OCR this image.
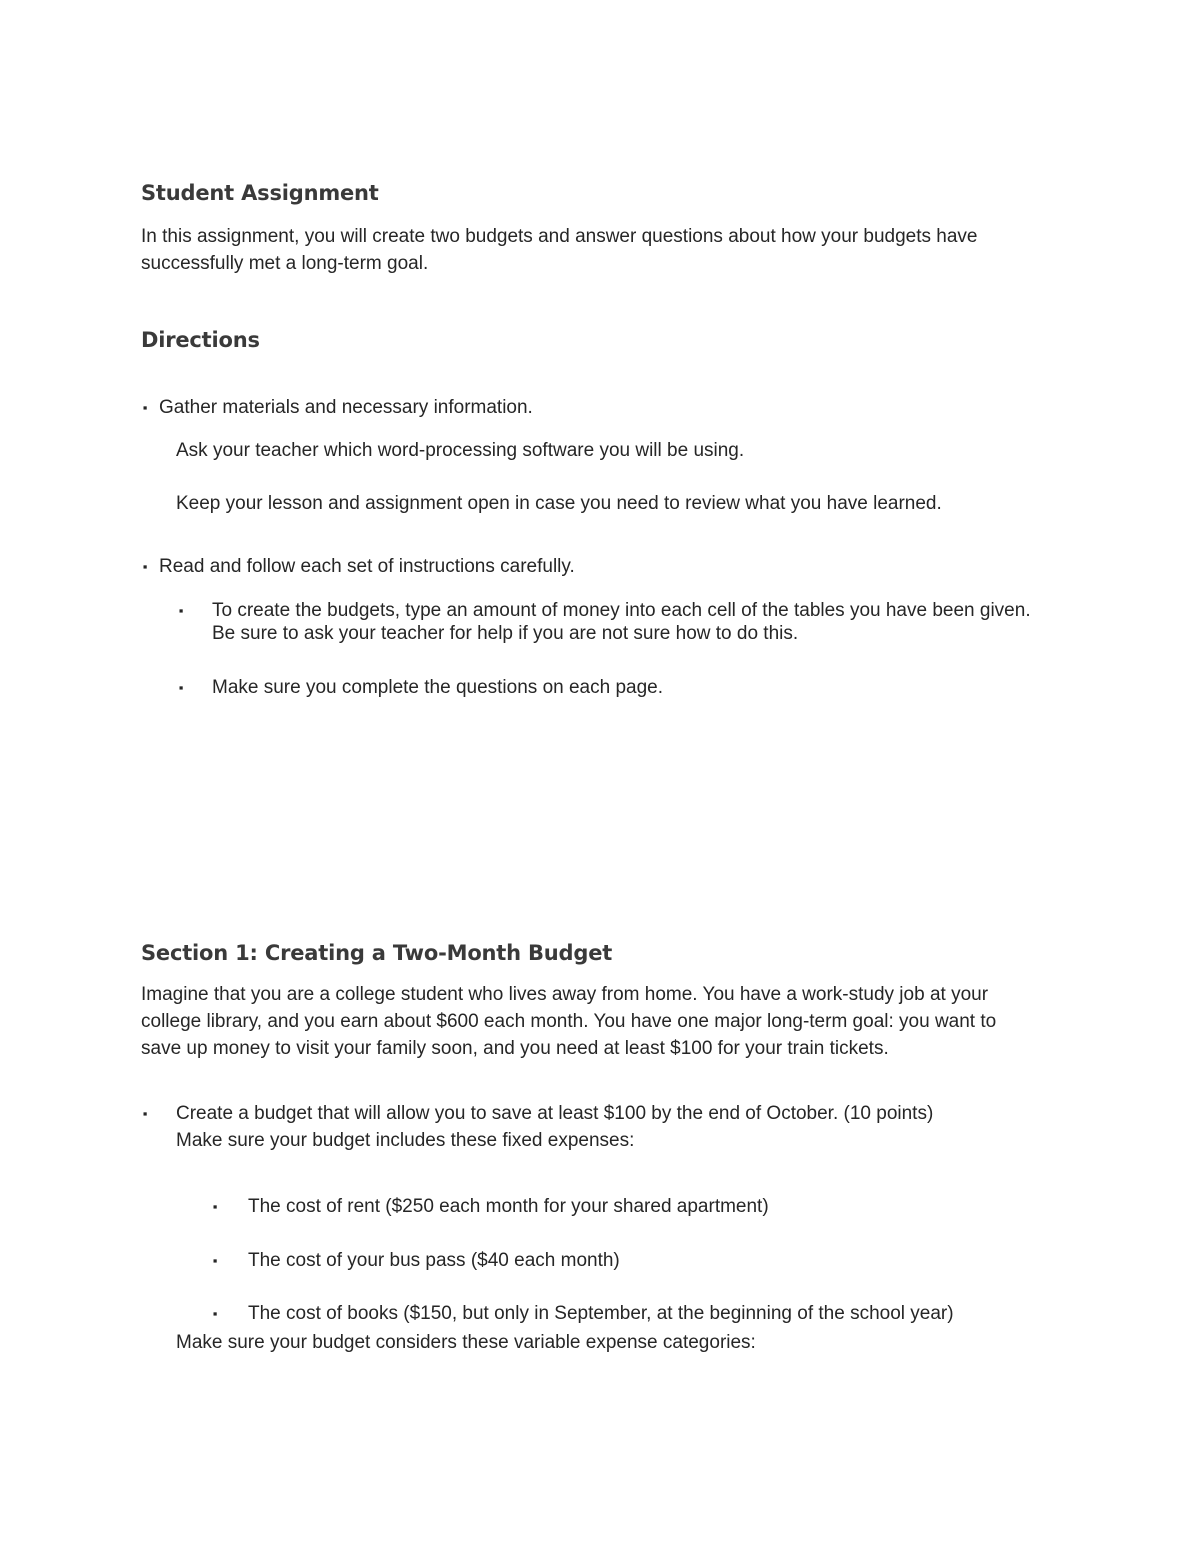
Student Assignment

In this assignment, you will create two budgets and answer questions about how your budgets have successfully met a long-term goal.

Directions
▪

Gather materials and necessary information.

Ask your teacher which word-processing software you will be using.

Keep your lesson and assignment open in case you need to review what you have learned.

▪

Read and follow each set of instructions carefully.

▪

To create the budgets, type an amount of money into each cell of the tables you have been given.

Be sure to ask your teacher for help if you are not sure how to do this.

▪

Make sure you complete the questions on each page.

Section 1: Creating a Two-Month Budget

Imagine that you are a college student who lives away from home. You have a work-study job at your college library, and you earn about $600 each month. You have one major long-term goal: you want to save up money to visit your family soon, and you need at least $100 for your train tickets.

▪

Create a budget that will allow you to save at least $100 by the end of October. (10 points)

Make sure your budget includes these fixed expenses:

▪

The cost of rent ($250 each month for your shared apartment)

▪

The cost of your bus pass ($40 each month)

▪

The cost of books ($150, but only in September, at the beginning of the school year)

Make sure your budget considers these variable expense categories:
